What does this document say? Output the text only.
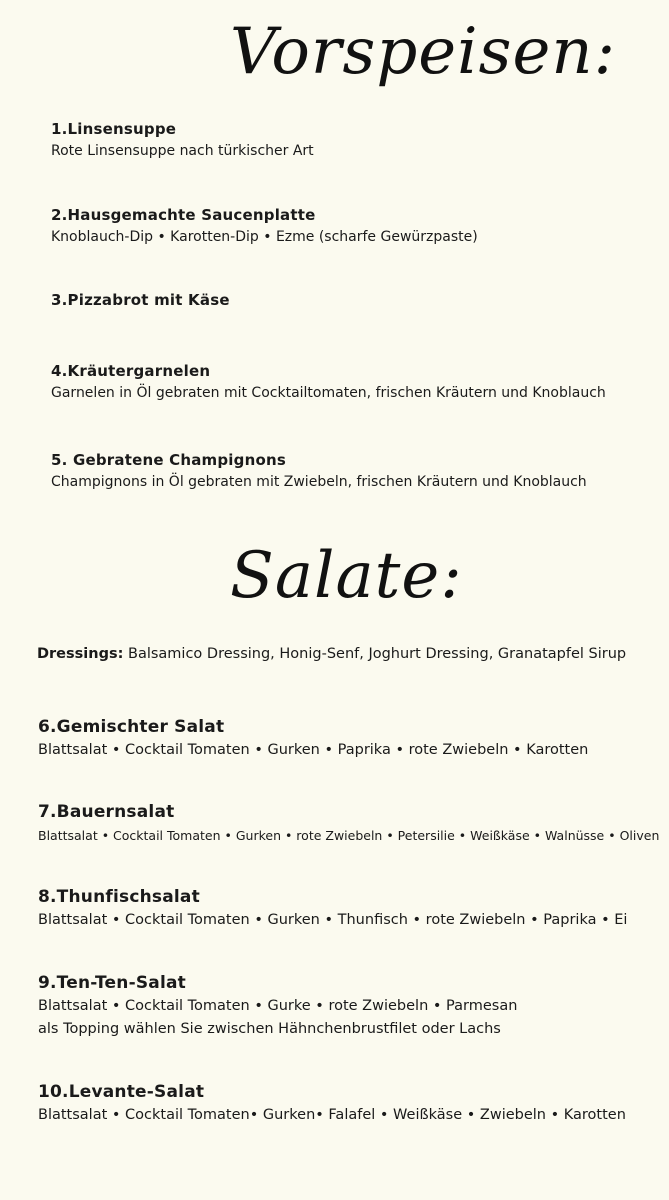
Vorspeisen:
1.Linsensuppe
Rote Linsensuppe nach türkischer Art
2.Hausgemachte Saucenplatte
Knoblauch-Dip • Karotten-Dip • Ezme (scharfe Gewürzpaste)
3.Pizzabrot mit Käse
4.Kräutergarnelen
Garnelen in Öl gebraten mit Cocktailtomaten, frischen Kräutern und Knoblauch
5. Gebratene Champignons
Champignons in Öl gebraten mit Zwiebeln, frischen Kräutern und Knoblauch
Salate:
Dressings: Balsamico Dressing, Honig-Senf, Joghurt Dressing, Granatapfel Sirup
6.Gemischter Salat
Blattsalat • Cocktail Tomaten • Gurken • Paprika • rote Zwiebeln • Karotten
7.Bauernsalat
Blattsalat • Cocktail Tomaten • Gurken • rote Zwiebeln • Petersilie • Weißkäse • Walnüsse • Oliven
8.Thunfischsalat
Blattsalat • Cocktail Tomaten • Gurken • Thunfisch • rote Zwiebeln • Paprika • Ei
9.Ten-Ten-Salat
Blattsalat • Cocktail Tomaten • Gurke • rote Zwiebeln • Parmesan
als Topping wählen Sie zwischen Hähnchenbrustfilet oder Lachs
10.Levante-Salat
Blattsalat • Cocktail Tomaten• Gurken• Falafel • Weißkäse • Zwiebeln • Karotten
